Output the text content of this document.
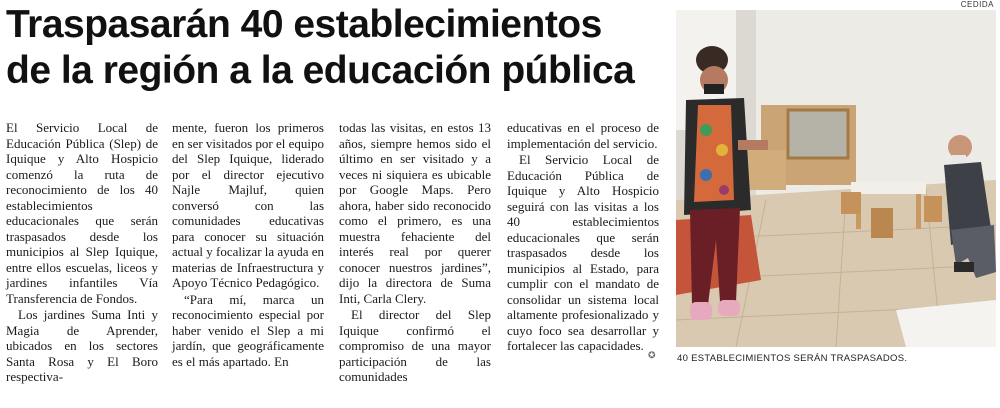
Traspasarán 40 establecimientos
de la región a la educación pública

El Servicio Local de Educación Pública (Slep) de Iquique y Alto Hospicio comenzó la ruta de reconocimiento de los 40 establecimientos educacionales que serán traspasados desde los municipios al Slep Iquique, entre ellos escuelas, liceos y jardines infantiles Vía Transferencia de Fondos.

Los jardines Suma Inti y Magia de Aprender, ubicados en los sectores Santa Rosa y El Boro respectiva-

mente, fueron los primeros en ser visitados por el equipo del Slep Iquique, liderado por el director ejecutivo Najle Majluf, quien conversó con las comunidades educativas para conocer su situación actual y focalizar la ayuda en materias de Infraestructura y Apoyo Técnico Pedagógico.

“Para mí, marca un reconocimiento especial por haber venido el Slep a mi jardín, que geográficamente es el más apartado. En

todas las visitas, en estos 13 años, siempre hemos sido el último en ser visitado y a veces ni siquiera es ubicable por Google Maps. Pero ahora, haber sido reconocido como el primero, es una muestra fehaciente del interés real por querer conocer nuestros jardines”, dijo la directora de Suma Inti, Carla Clery.

El director del Slep Iquique confirmó el compromiso de una mayor participación de las comunidades

educativas en el proceso de implementación del servicio.

El Servicio Local de Educación Pública de Iquique y Alto Hospicio seguirá con las visitas a los 40 establecimientos educacionales que serán traspasados desde los municipios al Estado, para cumplir con el mandato de consolidar un sistema local altamente profesionalizado y cuyo foco sea desarrollar y fortalecer las capacidades.

✪
CEDIDA
40 ESTABLECIMIENTOS SERÁN TRASPASADOS.
